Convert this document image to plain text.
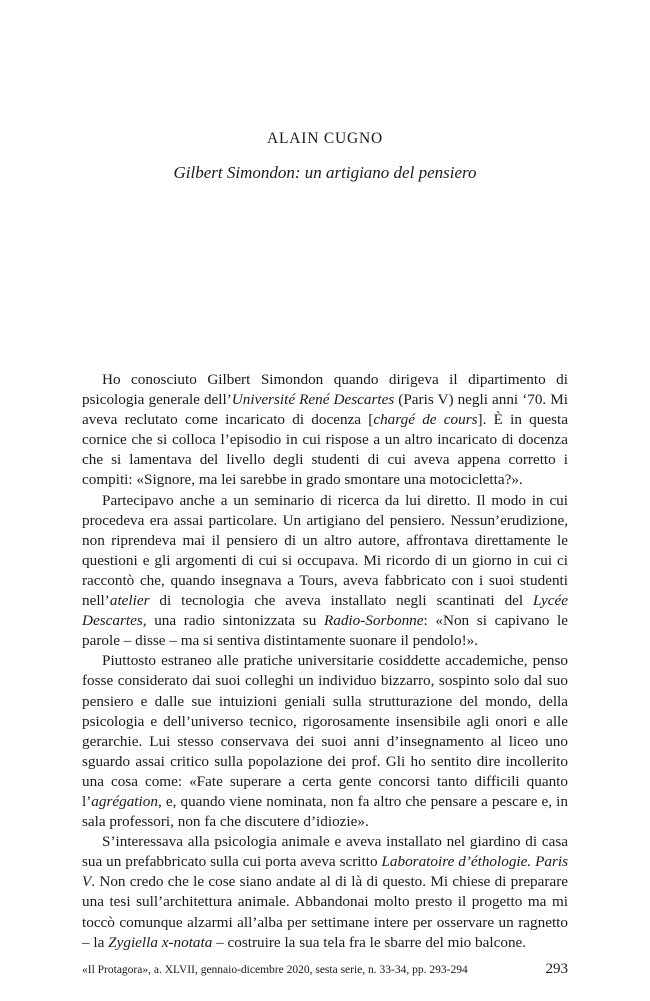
ALAIN CUGNO
Gilbert Simondon: un artigiano del pensiero

Ho conosciuto Gilbert Simondon quando dirigeva il dipartimento di psicologia generale dell’Université René Descartes (Paris V) negli anni ‘70. Mi aveva reclutato come incaricato di docenza [chargé de cours]. È in questa cornice che si colloca l’episodio in cui rispose a un altro incaricato di docenza che si lamentava del livello degli studenti di cui aveva appena corretto i compiti: «Signore, ma lei sarebbe in grado smontare una motocicletta?».

Partecipavo anche a un seminario di ricerca da lui diretto. Il modo in cui procedeva era assai particolare. Un artigiano del pensiero. Nessun’erudizione, non riprendeva mai il pensiero di un altro autore, affrontava direttamente le questioni e gli argomenti di cui si occupava. Mi ricordo di un giorno in cui ci raccontò che, quando insegnava a Tours, aveva fabbricato con i suoi studenti nell’atelier di tecnologia che aveva installato negli scantinati del Lycée Descartes, una radio sintonizzata su Radio-Sorbonne: «Non si capivano le parole – disse – ma si sentiva distintamente suonare il pendolo!».

Piuttosto estraneo alle pratiche universitarie cosiddette accademiche, penso fosse considerato dai suoi colleghi un individuo bizzarro, sospinto solo dal suo pensiero e dalle sue intuizioni geniali sulla strutturazione del mondo, della psicologia e dell’universo tecnico, rigorosamente insensibile agli onori e alle gerarchie. Lui stesso conservava dei suoi anni d’insegnamento al liceo uno sguardo assai critico sulla popolazione dei prof. Gli ho sentito dire incollerito una cosa come: «Fate superare a certa gente concorsi tanto difficili quanto l’agrégation, e, quando viene nominata, non fa altro che pensare a pescare e, in sala professori, non fa che discutere d’idiozie».

S’interessava alla psicologia animale e aveva installato nel giardino di casa sua un prefabbricato sulla cui porta aveva scritto Laboratoire d’éthologie. Paris V. Non credo che le cose siano andate al di là di questo. Mi chiese di preparare una tesi sull’architettura animale. Abbandonai molto presto il progetto ma mi toccò comunque alzarmi all’alba per settimane intere per osservare un ragnetto – la Zygiella x-notata – costruire la sua tela fra le sbarre del mio balcone.

«Il Protagora», a. XLVII, gennaio-dicembre 2020, sesta serie, n. 33-34, pp. 293-294	293
